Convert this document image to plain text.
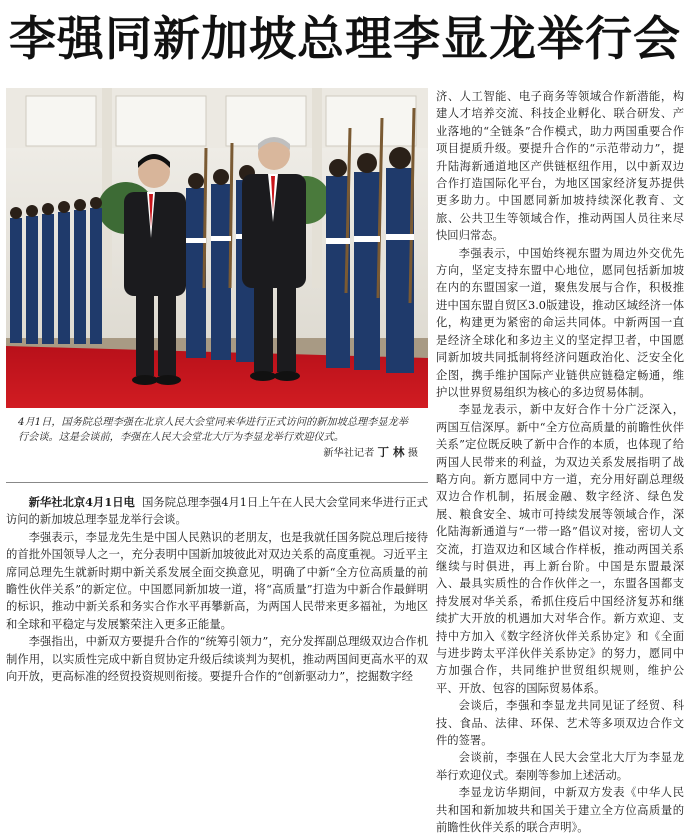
李强同新加坡总理李显龙举行会
4月1日，国务院总理李强在北京人民大会堂同来华进行正式访问的新加坡总理李显龙举行会谈。这是会谈前，李强在人民大会堂北大厅为李显龙举行欢迎仪式。
新华社记者 丁 林 摄

新华社北京4月1日电 国务院总理李强4月1日上午在人民大会堂同来华进行正式访问的新加坡总理李显龙举行会谈。

李强表示，李显龙先生是中国人民熟识的老朋友，也是我就任国务院总理后接待的首批外国领导人之一，充分表明中国新加坡彼此对双边关系的高度重视。习近平主席同总理先生就新时期中新关系发展全面交换意见，明确了中新“全方位高质量的前瞻性伙伴关系”的新定位。中国愿同新加坡一道，将“高质量”打造为中新合作最鲜明的标识，推动中新关系和务实合作水平再攀新高，为两国人民带来更多福祉，为地区和全球和平稳定与发展繁荣注入更多正能量。

李强指出，中新双方要提升合作的“统筹引领力”，充分发挥副总理级双边合作机制作用，以实质性完成中新自贸协定升级后续谈判为契机，推动两国间更高水平的双向开放，更高标准的经贸投资规则衔接。要提升合作的“创新驱动力”，挖掘数字经

济、人工智能、电子商务等领域合作新潜能，构建人才培养交流、科技企业孵化、联合研发、产业落地的“全链条”合作模式，助力两国重要合作项目提质升级。要提升合作的“示范带动力”，提升陆海新通道地区产供链枢纽作用，以中新双边合作打造国际化平台，为地区国家经济复苏提供更多助力。中国愿同新加坡持续深化教育、文旅、公共卫生等领域合作，推动两国人员往来尽快回归常态。

李强表示，中国始终视东盟为周边外交优先方向，坚定支持东盟中心地位，愿同包括新加坡在内的东盟国家一道，聚焦发展与合作，积极推进中国东盟自贸区3.0版建设，推动区域经济一体化，构建更为紧密的命运共同体。中新两国一直是经济全球化和多边主义的坚定捍卫者，中国愿同新加坡共同抵制将经济问题政治化、泛安全化企图，携手维护国际产业链供应链稳定畅通，维护以世界贸易组织为核心的多边贸易体制。

李显龙表示，新中友好合作十分广泛深入，两国互信深厚。新中“全方位高质量的前瞻性伙伴关系”定位既反映了新中合作的本质，也体现了给两国人民带来的利益，为双边关系发展指明了战略方向。新方愿同中方一道，充分用好副总理级双边合作机制，拓展金融、数字经济、绿色发展、粮食安全、城市可持续发展等领域合作，深化陆海新通道与“一带一路”倡议对接，密切人文交流，打造双边和区域合作样板，推动两国关系继续与时俱进，再上新台阶。中国是东盟最深入、最具实质性的合作伙伴之一，东盟各国都支持发展对华关系，希抓住疫后中国经济复苏和继续扩大开放的机遇加大对华合作。新方欢迎、支持中方加入《数字经济伙伴关系协定》和《全面与进步跨太平洋伙伴关系协定》的努力，愿同中方加强合作，共同维护世贸组织规则，维护公平、开放、包容的国际贸易体系。

会谈后，李强和李显龙共同见证了经贸、科技、食品、法律、环保、艺术等多项双边合作文件的签署。

会谈前，李强在人民大会堂北大厅为李显龙举行欢迎仪式。秦刚等参加上述活动。

李显龙访华期间，中新双方发表《中华人民共和国和新加坡共和国关于建立全方位高质量的前瞻性伙伴关系的联合声明》。
